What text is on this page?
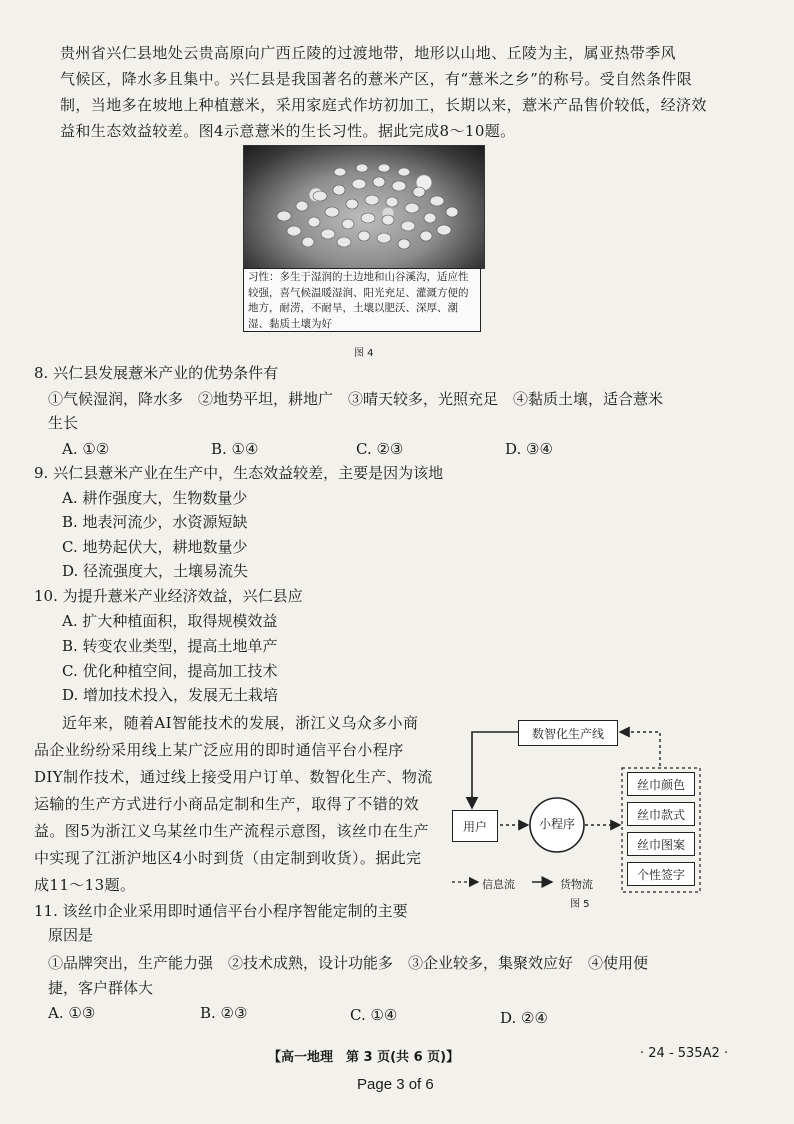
贵州省兴仁县地处云贵高原向广西丘陵的过渡地带，地形以山地、丘陵为主，属亚热带季风
气候区，降水多且集中。兴仁县是我国著名的薏米产区，有“薏米之乡”的称号。受自然条件限
制，当地多在坡地上种植薏米，采用家庭式作坊初加工，长期以来，薏米产品售价较低，经济效
益和生态效益较差。图4示意薏米的生长习性。据此完成8～10题。
习性：多生于湿润的土边地和山谷溪沟，适应性较强，喜气候温暖湿润、阳光充足、灌溉方便的地方，耐涝，不耐旱，土壤以肥沃、深厚、潮湿、黏质土壤为好
图 4
8. 兴仁县发展薏米产业的优势条件有
①气候湿润，降水多　②地势平坦，耕地广　③晴天较多，光照充足　④黏质土壤，适合薏米
生长
A. ①②	B. ①④	C. ②③	D. ③④
9. 兴仁县薏米产业在生产中，生态效益较差，主要是因为该地
A. 耕作强度大，生物数量少
B. 地表河流少，水资源短缺
C. 地势起伏大，耕地数量少
D. 径流强度大，土壤易流失
10. 为提升薏米产业经济效益，兴仁县应
A. 扩大种植面积，取得规模效益
B. 转变农业类型，提高土地单产
C. 优化种植空间，提高加工技术
D. 增加技术投入，发展无土栽培
近年来，随着AI智能技术的发展，浙江义乌众多小商
品企业纷纷采用线上某广泛应用的即时通信平台小程序
DIY制作技术，通过线上接受用户订单、数智化生产、物流
运输的生产方式进行小商品定制和生产，取得了不错的效
益。图5为浙江义乌某丝巾生产流程示意图，该丝巾在生产
中实现了江浙沪地区4小时到货（由定制到收货）。据此完
成11～13题。
数智化生产线
用户	小程序
丝巾颜色
丝巾款式
丝巾图案
个性签字
信息流	货物流
图 5
11. 该丝巾企业采用即时通信平台小程序智能定制的主要
原因是
①品牌突出，生产能力强　②技术成熟，设计功能多　③企业较多，集聚效应好　④使用便
捷，客户群体大
A. ①③	B. ②③	C. ①④	D. ②④
【高一地理　第 3 页(共 6 页)】	· 24 - 535A2 ·
Page 3 of 6
